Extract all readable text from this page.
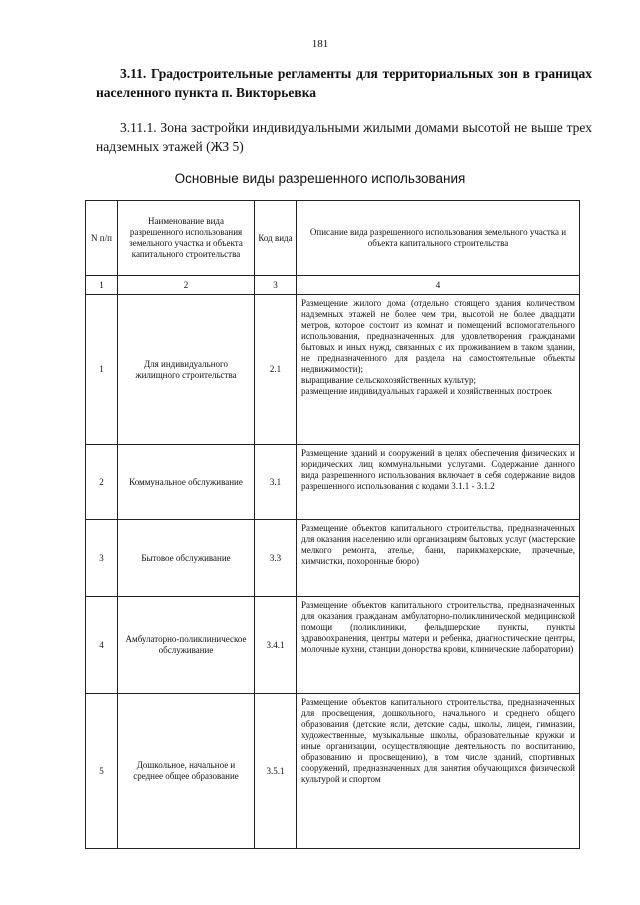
181
3.11. Градостроительные регламенты для территориальных зон в границах населенного пункта п. Викторьевка
3.11.1. Зона застройки индивидуальными жилыми домами высотой не выше трех надземных этажей (ЖЗ 5)
Основные виды разрешенного использования
N п/п	Наименование вида разрешенного использования земельного участка и объекта капитального строительства	Код вида	Описание вида разрешенного использования земельного участка и объекта капитального строительства
1	2	3	4
1	Для индивидуального жилищного строительства	2.1	Размещение жилого дома (отдельно стоящего здания количеством надземных этажей не более чем три, высотой не более двадцати метров, которое состоит из комнат и помещений вспомогательного использования, предназначенных для удовлетворения гражданами бытовых и иных нужд, связанных с их проживанием в таком здании, не предназначенного для раздела на самостоятельные объекты недвижимости);
выращивание сельскохозяйственных культур;
размещение индивидуальных гаражей и хозяйственных построек

2	Коммунальное обслуживание	3.1	Размещение зданий и сооружений в целях обеспечения физических и юридических лиц коммунальными услугами. Содержание данного вида разрешенного использования включает в себя содержание видов разрешенного использования с кодами 3.1.1 - 3.1.2

3	Бытовое обслуживание	3.3	Размещение объектов капитального строительства, предназначенных для оказания населению или организациям бытовых услуг (мастерские мелкого ремонта, ателье, бани, парикмахерские, прачечные, химчистки, похоронные бюро)

4	Амбулаторно-поликлиническое обслуживание	3.4.1	Размещение объектов капитального строительства, предназначенных для оказания гражданам амбулаторно-поликлинической медицинской помощи (поликлиники, фельдшерские пункты, пункты здравоохранения, центры матери и ребенка, диагностические центры, молочные кухни, станции донорства крови, клинические лаборатории)

5	Дошкольное, начальное и среднее общее образование	3.5.1	Размещение объектов капитального строительства, предназначенных для просвещения, дошкольного, начального и среднего общего образования (детские ясли, детские сады, школы, лицеи, гимназии, художественные, музыкальные школы, образовательные кружки и иные организации, осуществляющие деятельность по воспитанию, образованию и просвещению), в том числе зданий, спортивных сооружений, предназначенных для занятия обучающихся физической культурой и спортом
